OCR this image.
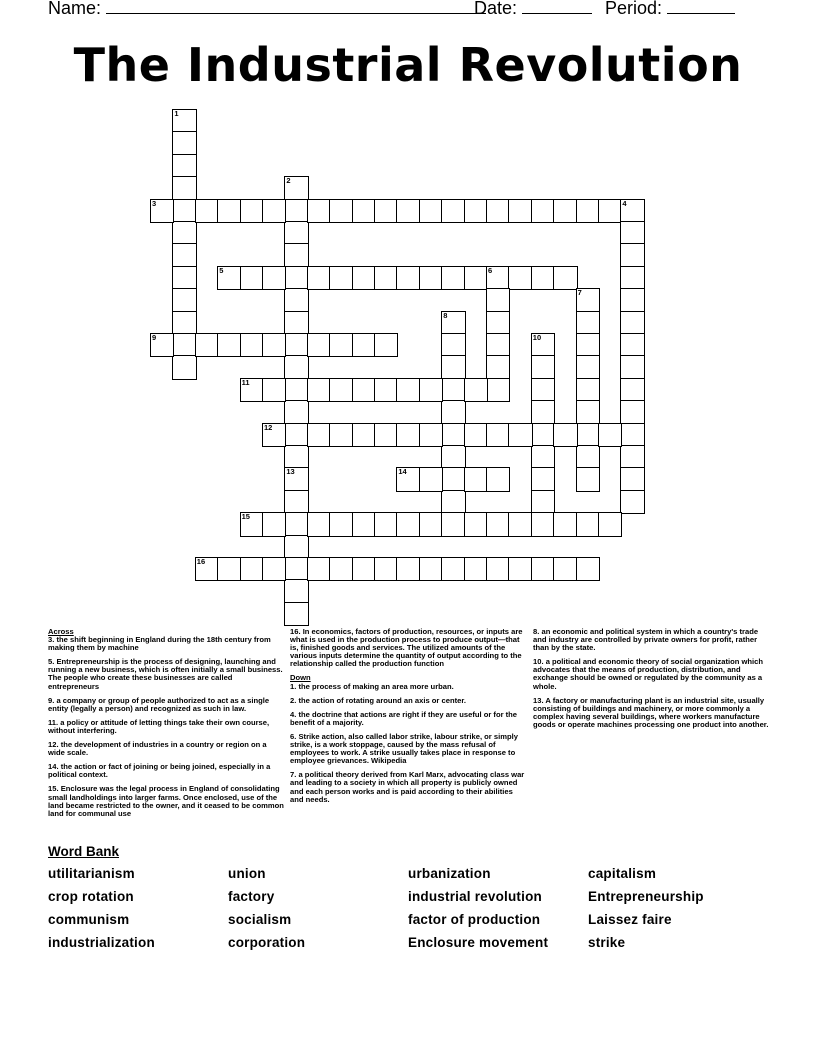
Name:	Date:	Period:
The Industrial Revolution
1
2
13
3	4
5	6
7
8
9	10
11
12
14
15
16
Across
3. the shift beginning in England during the 18th century from making them by machine
5. Entrepreneurship is the process of designing, launching and running a new business, which is often initially a small business. The people who create these businesses are called entrepreneurs
9. a company or group of people authorized to act as a single entity (legally a person) and recognized as such in law.
11. a policy or attitude of letting things take their own course, without interfering.
12. the development of industries in a country or region on a wide scale.
14. the action or fact of joining or being joined, especially in a political context.
15. Enclosure was the legal process in England of consolidating small landholdings into larger farms. Once enclosed, use of the land became restricted to the owner, and it ceased to be common land for communal use
16. In economics, factors of production, resources, or inputs are what is used in the production process to produce output—that is, finished goods and services. The utilized amounts of the various inputs determine the quantity of output according to the relationship called the production function
Down
1. the process of making an area more urban.
2. the action of rotating around an axis or center.
4. the doctrine that actions are right if they are useful or for the benefit of a majority.
6. Strike action, also called labor strike, labour strike, or simply strike, is a work stoppage, caused by the mass refusal of employees to work. A strike usually takes place in response to employee grievances. Wikipedia
7. a political theory derived from Karl Marx, advocating class war and leading to a society in which all property is publicly owned and each person works and is paid according to their abilities and needs.
8. an economic and political system in which a country's trade and industry are controlled by private owners for profit, rather than by the state.
10. a political and economic theory of social organization which advocates that the means of production, distribution, and exchange should be owned or regulated by the community as a whole.
13. A factory or manufacturing plant is an industrial site, usually consisting of buildings and machinery, or more commonly a complex having several buildings, where workers manufacture goods or operate machines processing one product into another.
Word Bank
utilitarianism	union	urbanization	capitalism
crop rotation	factory	industrial revolution	Entrepreneurship
communism	socialism	factor of production	Laissez faire
industrialization	corporation	Enclosure movement	strike
